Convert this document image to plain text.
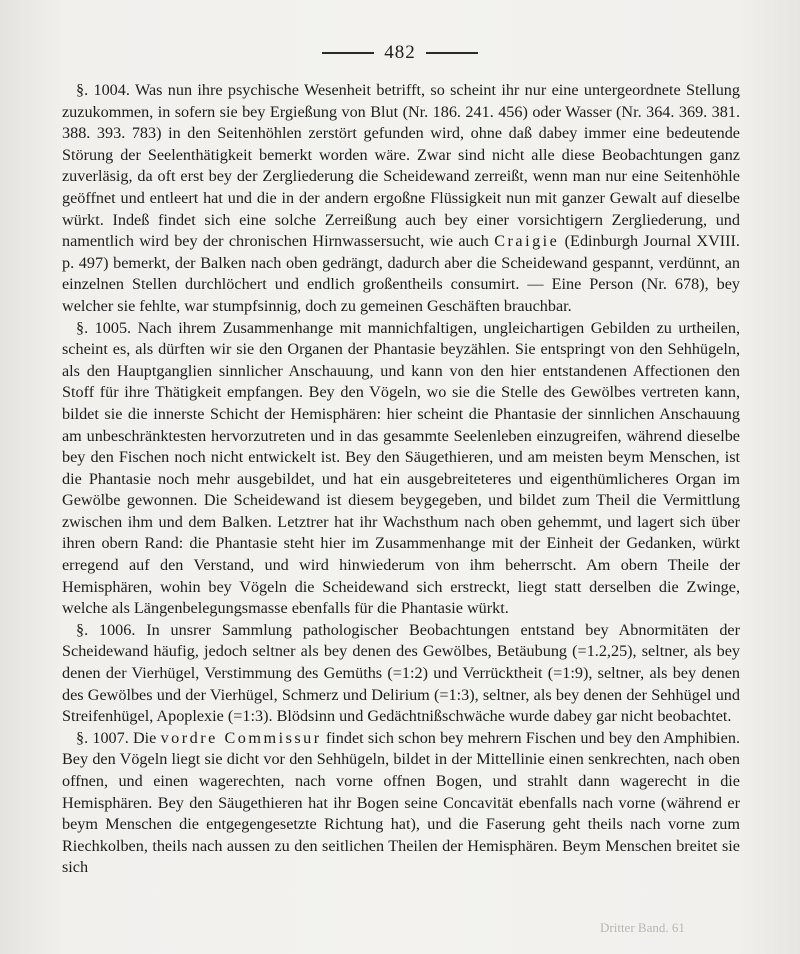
482

§. 1004. Was nun ihre psychische Wesenheit betrifft, so scheint ihr nur eine untergeordnete Stellung zuzukommen, in sofern sie bey Ergießung von Blut (Nr. 186. 241. 456) oder Wasser (Nr. 364. 369. 381. 388. 393. 783) in den Seitenhöhlen zerstört gefunden wird, ohne daß dabey immer eine bedeutende Störung der Seelenthätigkeit bemerkt worden wäre. Zwar sind nicht alle diese Beobachtungen ganz zuverläsig, da oft erst bey der Zergliederung die Scheidewand zerreißt, wenn man nur eine Seitenhöhle geöffnet und entleert hat und die in der andern ergoßne Flüssigkeit nun mit ganzer Gewalt auf dieselbe würkt. Indeß findet sich eine solche Zerreißung auch bey einer vorsichtigern Zergliederung, und namentlich wird bey der chronischen Hirnwassersucht, wie auch Craigie (Edinburgh Journal XVIII. p. 497) bemerkt, der Balken nach oben gedrängt, dadurch aber die Scheidewand gespannt, verdünnt, an einzelnen Stellen durchlöchert und endlich großentheils consumirt. — Eine Person (Nr. 678), bey welcher sie fehlte, war stumpfsinnig, doch zu gemeinen Geschäften brauchbar.

§. 1005. Nach ihrem Zusammenhange mit mannichfaltigen, ungleichartigen Gebilden zu urtheilen, scheint es, als dürften wir sie den Organen der Phantasie beyzählen. Sie entspringt von den Sehhügeln, als den Hauptganglien sinnlicher Anschauung, und kann von den hier entstandenen Affectionen den Stoff für ihre Thätigkeit empfangen. Bey den Vögeln, wo sie die Stelle des Gewölbes vertreten kann, bildet sie die innerste Schicht der Hemisphären: hier scheint die Phantasie der sinnlichen Anschauung am unbeschränktesten hervorzutreten und in das gesammte Seelenleben einzugreifen, während dieselbe bey den Fischen noch nicht entwickelt ist. Bey den Säugethieren, und am meisten beym Menschen, ist die Phantasie noch mehr ausgebildet, und hat ein ausgebreiteteres und eigenthümlicheres Organ im Gewölbe gewonnen. Die Scheidewand ist diesem beygegeben, und bildet zum Theil die Vermittlung zwischen ihm und dem Balken. Letztrer hat ihr Wachsthum nach oben gehemmt, und lagert sich über ihren obern Rand: die Phantasie steht hier im Zusammenhange mit der Einheit der Gedanken, würkt erregend auf den Verstand, und wird hinwiederum von ihm beherrscht. Am obern Theile der Hemisphären, wohin bey Vögeln die Scheidewand sich erstreckt, liegt statt derselben die Zwinge, welche als Längenbelegungsmasse ebenfalls für die Phantasie würkt.

§. 1006. In unsrer Sammlung pathologischer Beobachtungen entstand bey Abnormitäten der Scheidewand häufig, jedoch seltner als bey denen des Gewölbes, Betäubung (=1.2,25), seltner, als bey denen der Vierhügel, Verstimmung des Gemüths (=1:2) und Verrücktheit (=1:9), seltner, als bey denen des Gewölbes und der Vierhügel, Schmerz und Delirium (=1:3), seltner, als bey denen der Sehhügel und Streifenhügel, Apoplexie (=1:3). Blödsinn und Gedächtnißschwäche wurde dabey gar nicht beobachtet.

§. 1007. Die vordre Commissur findet sich schon bey mehrern Fischen und bey den Amphibien. Bey den Vögeln liegt sie dicht vor den Sehhügeln, bildet in der Mittellinie einen senkrechten, nach oben offnen, und einen wagerechten, nach vorne offnen Bogen, und strahlt dann wagerecht in die Hemisphären. Bey den Säugethieren hat ihr Bogen seine Concavität ebenfalls nach vorne (während er beym Menschen die entgegengesetzte Richtung hat), und die Faserung geht theils nach vorne zum Riechkolben, theils nach aussen zu den seitlichen Theilen der Hemisphären. Beym Menschen breitet sie sich

Dritter Band. 61
